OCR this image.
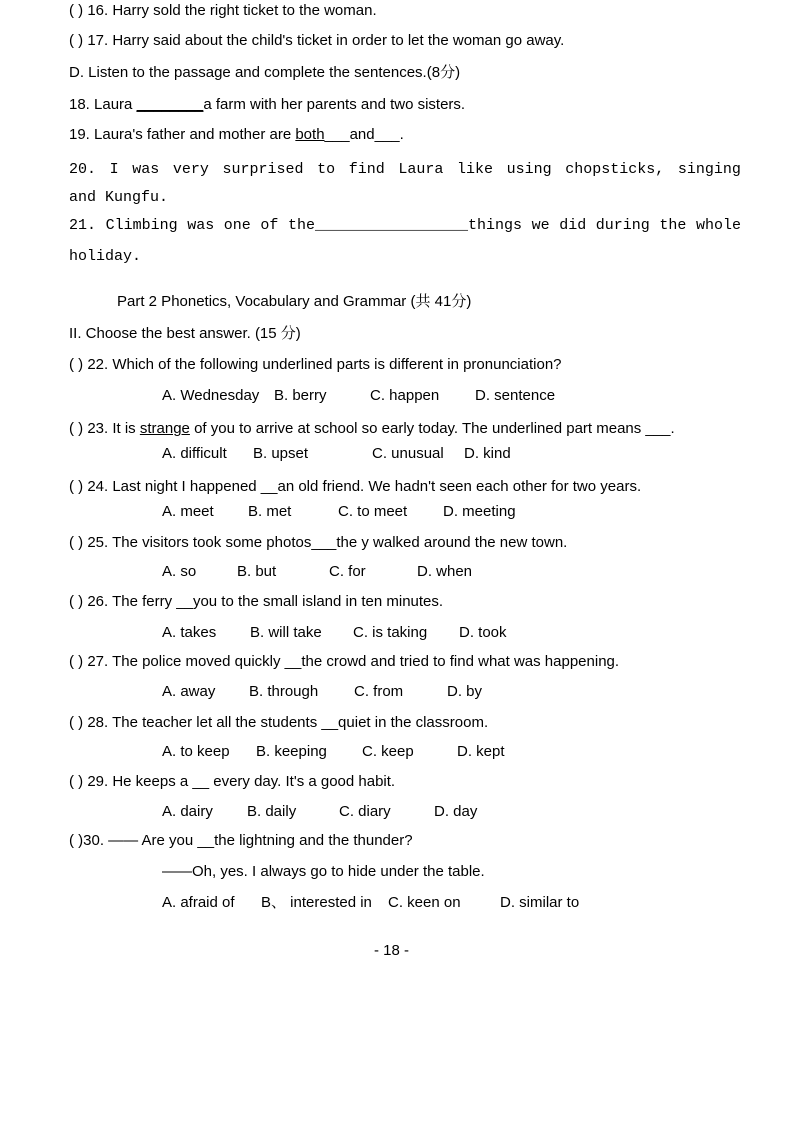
( ) 16. Harry sold the right ticket to the woman.
( ) 17. Harry said about the child's ticket in order to let the woman go away.
D. Listen to the passage and complete the sentences.(8分)
18. Laura ________a farm with her parents and two sisters.
19. Laura's father and mother are both___and___.
20. I was very surprised to find Laura like using chopsticks, singing
and Kungfu.
21. Climbing was one of the_________________things we did during the whole
holiday.
Part 2 Phonetics, Vocabulary and Grammar (共 41分)
II. Choose the best answer. (15 分)
( ) 22. Which of the following underlined parts is different in pronunciation?
A. Wednesday B. berry	C. happen D. sentence
( ) 23. It is strange of you to arrive at school so early today. The underlined part means ___.
A. difficult B. upset	C. unusual D. kind
( ) 24. Last night I happened __an old friend. We hadn't seen each other for two years.
A. meet B. met	C. to meet D. meeting
( ) 25. The visitors took some photos___the y walked around the new town.
A. so	B. but	C. for	D. when
( ) 26. The ferry __you to the small island in ten minutes.
A. takes B. will take C. is taking D. took
( ) 27. The police moved quickly __the crowd and tried to find what was happening.
A. away B. through C. from	D. by
( ) 28. The teacher let all the students __quiet in the classroom.
A. to keep B. keeping C. keep	D. kept
( ) 29. He keeps a __ every day. It's a good habit.
A. dairy B. daily	C. diary	D. day
( )30. —— Are you __the lightning and the thunder?
——Oh, yes. I always go to hide under the table.
A. afraid of B、 interested in C. keen on	D. similar to
- 18 -
